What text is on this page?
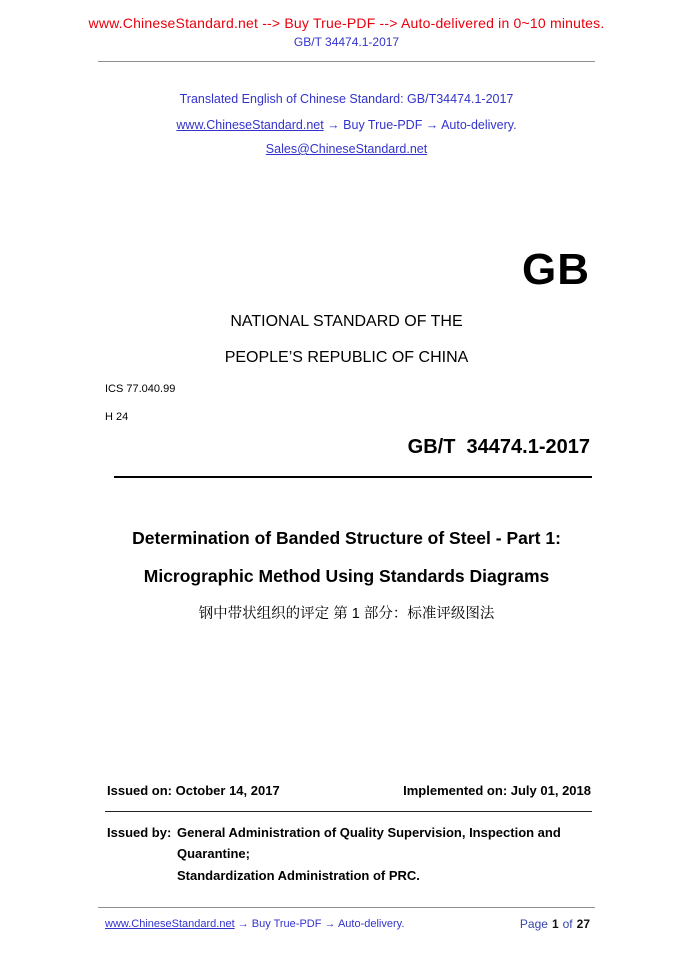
www.ChineseStandard.net --> Buy True-PDF --> Auto-delivered in 0~10 minutes.
GB/T 34474.1-2017
Translated English of Chinese Standard: GB/T34474.1-2017
www.ChineseStandard.net → Buy True-PDF → Auto-delivery.
Sales@ChineseStandard.net
GB
NATIONAL STANDARD OF THE
PEOPLE’S REPUBLIC OF CHINA
ICS 77.040.99
H 24
GB/T  34474.1-2017
Determination of Banded Structure of Steel - Part 1:
Micrographic Method Using Standards Diagrams
钢中带状组织的评定 第 1 部分：标准评级图法
Issued on: October 14, 2017	Implemented on: July 01, 2018
Issued by: General Administration of Quality Supervision, Inspection and
Quarantine;
Standardization Administration of PRC.
www.ChineseStandard.net → Buy True-PDF → Auto-delivery.	Page 1 of 27
